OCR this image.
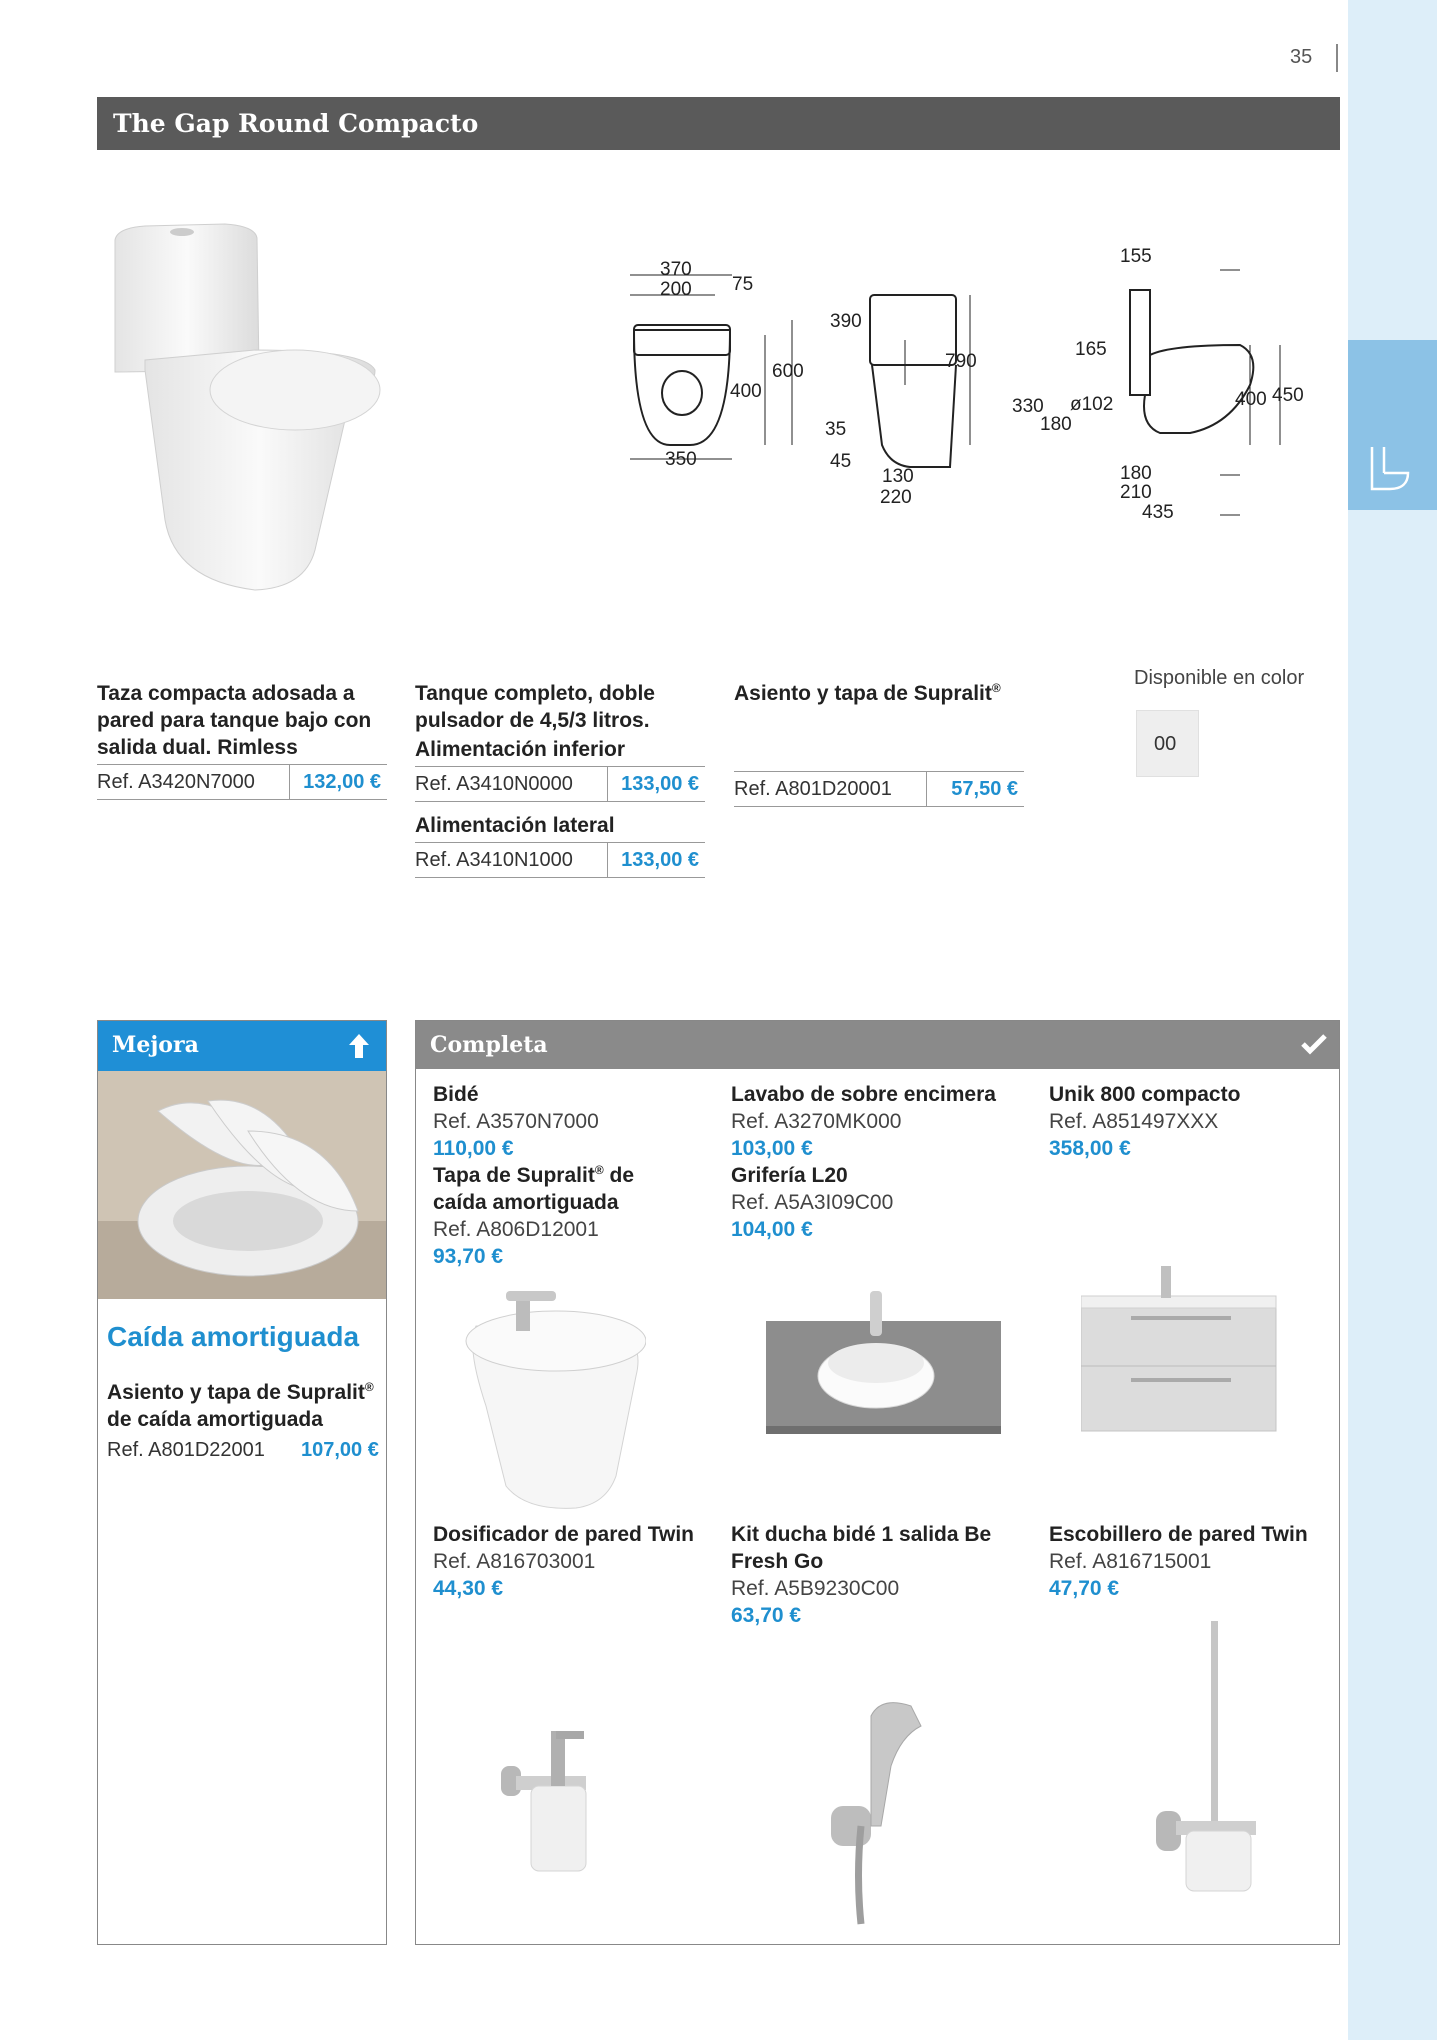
35
The Gap Round Compacto
370
200 75
600
400
350
390
790
35
45
130
220
155
165
330
180
ø102	400 450
180
210
435
Taza compacta adosada a pared para tanque bajo con salida dual. Rimless
Ref. A3420N7000 132,00 €
Tanque completo, doble pulsador de 4,5/3 litros.
Alimentación inferior
Ref. A3410N0000 133,00 €
Alimentación lateral
Ref. A3410N1000 133,00 €
Asiento y tapa de Supralit®
Ref. A801D20001	57,50 €
Disponible en color
00
Mejora
Caída amortiguada
Asiento y tapa de Supralit®
de caída amortiguada
Ref. A801D22001 107,00 €
Completa
Bidé
Ref. A3570N7000
110,00 €
Tapa de Supralit® de caída amortiguada
Ref. A806D12001
93,70 €
Lavabo de sobre encimera
Ref. A3270MK000
103,00 €
Grifería L20
Ref. A5A3I09C00
104,00 €
Unik 800 compacto
Ref. A851497XXX
358,00 €
Dosificador de pared Twin
Ref. A816703001
44,30 €
Kit ducha bidé 1 salida Be Fresh Go
Ref. A5B9230C00
63,70 €
Escobillero de pared Twin
Ref. A816715001
47,70 €
